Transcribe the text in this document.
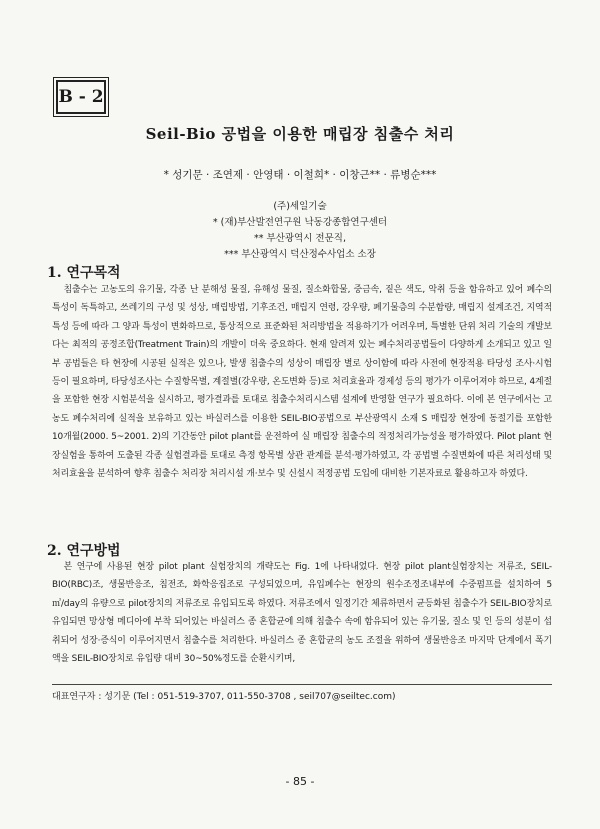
B - 2
Seil-Bio 공법을 이용한 매립장 침출수 처리
* 성기문 · 조연제 · 안영태 · 이철희* · 이창근** · 류병순***
(주)세일기술
* (재)부산발전연구원 낙동강종합연구센터
** 부산광역시 전문직,
*** 부산광역시 덕산정수사업소 소장
1. 연구목적
침출수는 고농도의 유기물, 각종 난 분해성 물질, 유해성 물질, 질소화합물, 중금속, 짙은 색도, 악취 등을 함유하고 있어 폐수의 특성이 독특하고, 쓰레기의 구성 및 성상, 매립방법, 기후조건, 매립지 연령, 강우량, 폐기물층의 수분함량, 매립지 설계조건, 지역적 특성 등에 따라 그 양과 특성이 변화하므로, 통상적으로 표준화된 처리방법을 적용하기가 어려우며, 특별한 단위 처리 기술의 개발보다는 최적의 공정조합(Treatment Train)의 개발이 더욱 중요하다. 현재 알려져 있는 폐수처리공법들이 다양하게 소개되고 있고 일부 공법들은 타 현장에 시공된 실적은 있으나, 발생 침출수의 성상이 매립장 별로 상이함에 따라 사전에 현장적용 타당성 조사·시험 등이 필요하며, 타당성조사는 수질항목별, 계절별(강우량, 온도변화 등)로 처리효율과 경제성 등의 평가가 이루어져야 하므로, 4계절을 포함한 현장 시험분석을 실시하고, 평가결과를 토대로 침출수처리시스템 설계에 반영할 연구가 필요하다. 이에 본 연구에서는 고농도 폐수처리에 실적을 보유하고 있는 바실러스를 이용한 SEIL-BIO공법으로 부산광역시 소재 S 매립장 현장에 동절기를 포함한 10개월(2000. 5~2001. 2)의 기간동안 pilot plant를 운전하여 실 매립장 침출수의 적정처리가능성을 평가하였다. Pilot plant 현장실험을 통하여 도출된 각종 실험결과를 토대로 측정 항목별 상관 관계를 분석·평가하였고, 각 공법별 수질변화에 따른 처리성태 및 처리효율을 분석하여 향후 침출수 처리장 처리시설 개·보수 및 신설시 적정공법 도입에 대비한 기본자료로 활용하고자 하였다.
2. 연구방법
본 연구에 사용된 현장 pilot plant 실험장치의 개략도는 Fig. 1에 나타내었다. 현장 pilot plant실험장치는 저류조, SEIL-BIO(RBC)조, 생물반응조, 침전조, 화학응집조로 구성되었으며, 유입폐수는 현장의 원수조정조내부에 수중펌프를 설치하여 5㎥/day의 유량으로 pilot장치의 저류조로 유입되도록 하였다. 저류조에서 일정기간 체류하면서 균등화된 침출수가 SEIL-BIO장치로 유입되면 망상형 메디아에 부착 되어있는 바실러스 종 혼합균에 의해 침출수 속에 함유되어 있는 유기물, 질소 및 인 등의 성분이 섭취되어 성장·증식이 이루어지면서 침출수를 처리한다. 바실러스 종 혼합균의 농도 조절을 위하여 생물반응조 마지막 단계에서 폭기액을 SEIL-BIO장치로 유입량 대비 30~50%정도를 순환시키며,
대표연구자 : 성기문 (Tel : 051-519-3707, 011-550-3708 , seil707@seiltec.com)
- 85 -
